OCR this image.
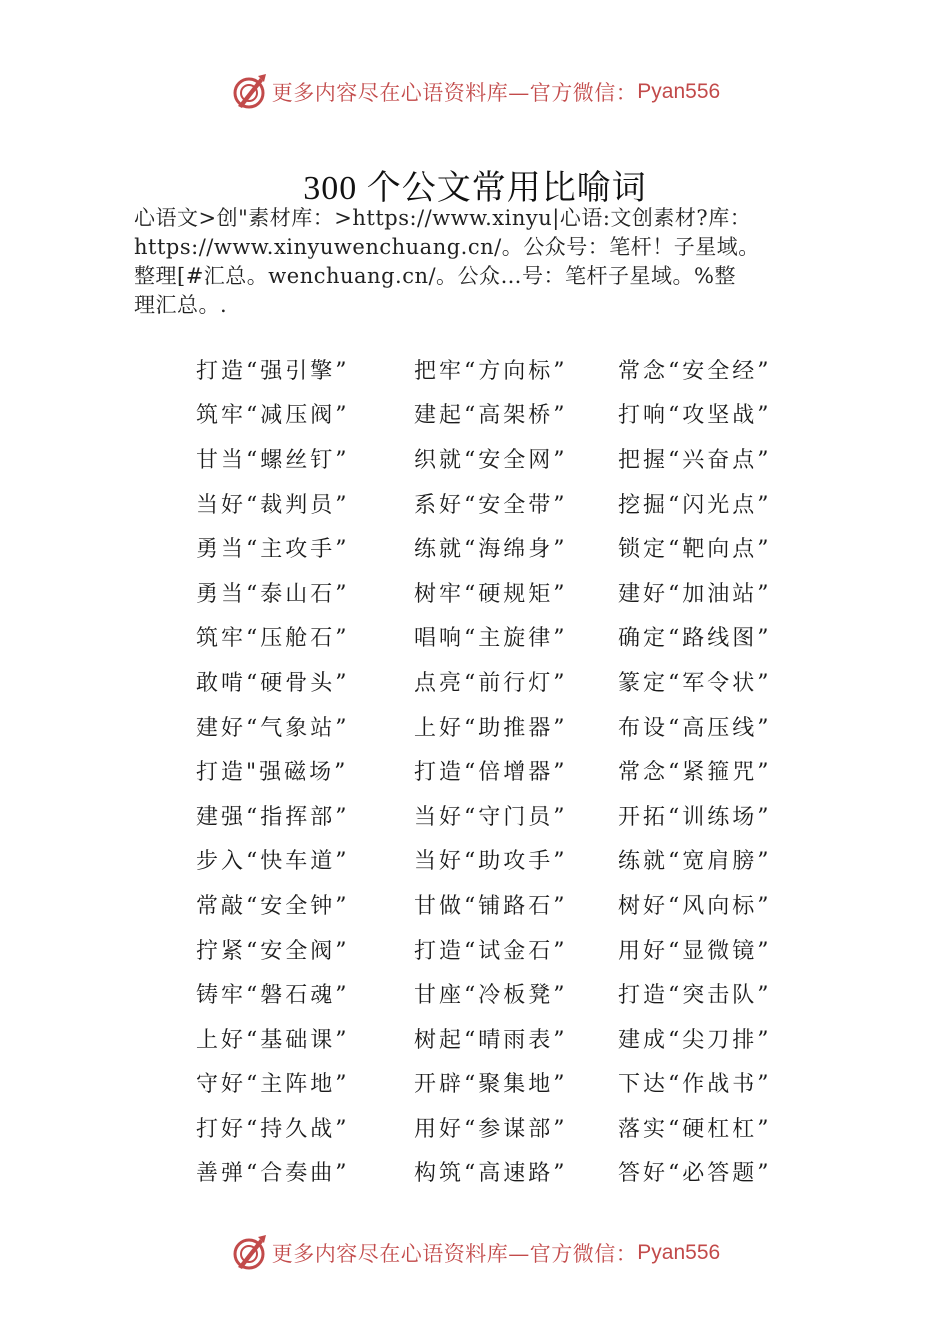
更多内容尽在心语资料库—官方微信： Pyan556
300 个公文常用比喻词
心语文>创"素材库：>https://www.xinyu|心语:文创素材?库：
https://www.xinyuwenchuang.cn/。公众号：笔杆！子星域。
整理[#汇总。wenchuang.cn/。公众…号：笔杆子星域。%整
理汇总。.
打造“强引擎”	把牢“方向标”	常念“安全经”
筑牢“减压阀”	建起“高架桥”	打响“攻坚战”
甘当“螺丝钉”	织就“安全网”	把握“兴奋点”
当好“裁判员”	系好“安全带”	挖掘“闪光点”
勇当“主攻手”	练就“海绵身”	锁定“靶向点”
勇当“泰山石”	树牢“硬规矩”	建好“加油站”
筑牢“压舱石”	唱响“主旋律”	确定“路线图”
敢啃“硬骨头”	点亮“前行灯”	篆定“军令状”
建好“气象站”	上好“助推器”	布设“高压线”
打造"强磁场”	打造“倍增器”	常念“紧箍咒”
建强“指挥部”	当好“守门员”	开拓“训练场”
步入“快车道”	当好“助攻手”	练就“宽肩膀”
常敲“安全钟”	甘做“铺路石”	树好“风向标”
拧紧“安全阀”	打造“试金石”	用好“显微镜”
铸牢“磐石魂”	甘座“冷板凳”	打造“突击队”
上好“基础课”	树起“晴雨表”	建成“尖刀排”
守好“主阵地”	开辟“聚集地”	下达“作战书”
打好“持久战”	用好“参谋部”	落实“硬杠杠”
善弹“合奏曲”	构筑“高速路”	答好“必答题”
更多内容尽在心语资料库—官方微信： Pyan556
